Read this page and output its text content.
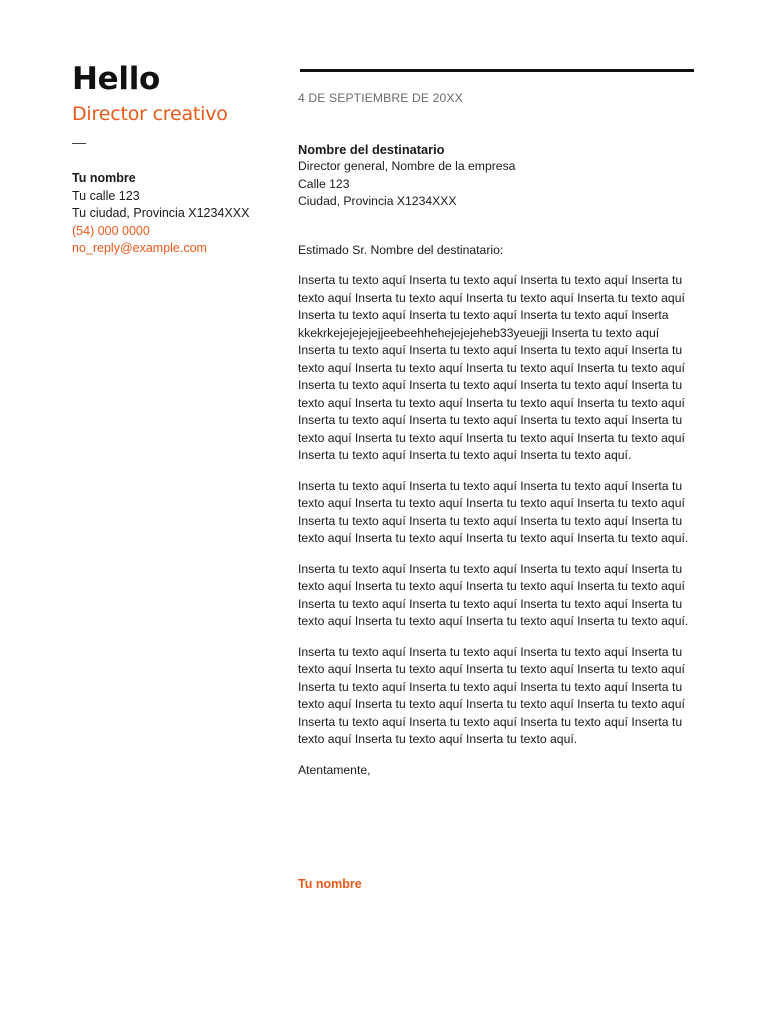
Hello
Director creativo
—
Tu nombre
Tu calle 123
Tu ciudad, Provincia X1234XXX
(54) 000 0000
no_reply@example.com
4 DE SEPTIEMBRE DE 20XX
Nombre del destinatario
Director general, Nombre de la empresa
Calle 123
Ciudad, Provincia X1234XXX
Estimado Sr. Nombre del destinatario:
Inserta tu texto aquí Inserta tu texto aquí Inserta tu texto aquí Inserta tu texto aquí Inserta tu texto aquí Inserta tu texto aquí Inserta tu texto aquí Inserta tu texto aquí Inserta tu texto aquí Inserta tu texto aquí Inserta kkekrkejejejejejjeebeehhehejejejeheb33yeuejji Inserta tu texto aquí Inserta tu texto aquí Inserta tu texto aquí Inserta tu texto aquí Inserta tu texto aquí Inserta tu texto aquí Inserta tu texto aquí Inserta tu texto aquí Inserta tu texto aquí Inserta tu texto aquí Inserta tu texto aquí Inserta tu texto aquí Inserta tu texto aquí Inserta tu texto aquí Inserta tu texto aquí Inserta tu texto aquí Inserta tu texto aquí Inserta tu texto aquí Inserta tu texto aquí Inserta tu texto aquí Inserta tu texto aquí Inserta tu texto aquí Inserta tu texto aquí Inserta tu texto aquí Inserta tu texto aquí.
Inserta tu texto aquí Inserta tu texto aquí Inserta tu texto aquí Inserta tu texto aquí Inserta tu texto aquí Inserta tu texto aquí Inserta tu texto aquí Inserta tu texto aquí Inserta tu texto aquí Inserta tu texto aquí Inserta tu texto aquí Inserta tu texto aquí Inserta tu texto aquí Inserta tu texto aquí.
Inserta tu texto aquí Inserta tu texto aquí Inserta tu texto aquí Inserta tu texto aquí Inserta tu texto aquí Inserta tu texto aquí Inserta tu texto aquí Inserta tu texto aquí Inserta tu texto aquí Inserta tu texto aquí Inserta tu texto aquí Inserta tu texto aquí Inserta tu texto aquí Inserta tu texto aquí.
Inserta tu texto aquí Inserta tu texto aquí Inserta tu texto aquí Inserta tu texto aquí Inserta tu texto aquí Inserta tu texto aquí Inserta tu texto aquí Inserta tu texto aquí Inserta tu texto aquí Inserta tu texto aquí Inserta tu texto aquí Inserta tu texto aquí Inserta tu texto aquí Inserta tu texto aquí Inserta tu texto aquí Inserta tu texto aquí Inserta tu texto aquí Inserta tu texto aquí Inserta tu texto aquí Inserta tu texto aquí.
Atentamente,
Tu nombre
